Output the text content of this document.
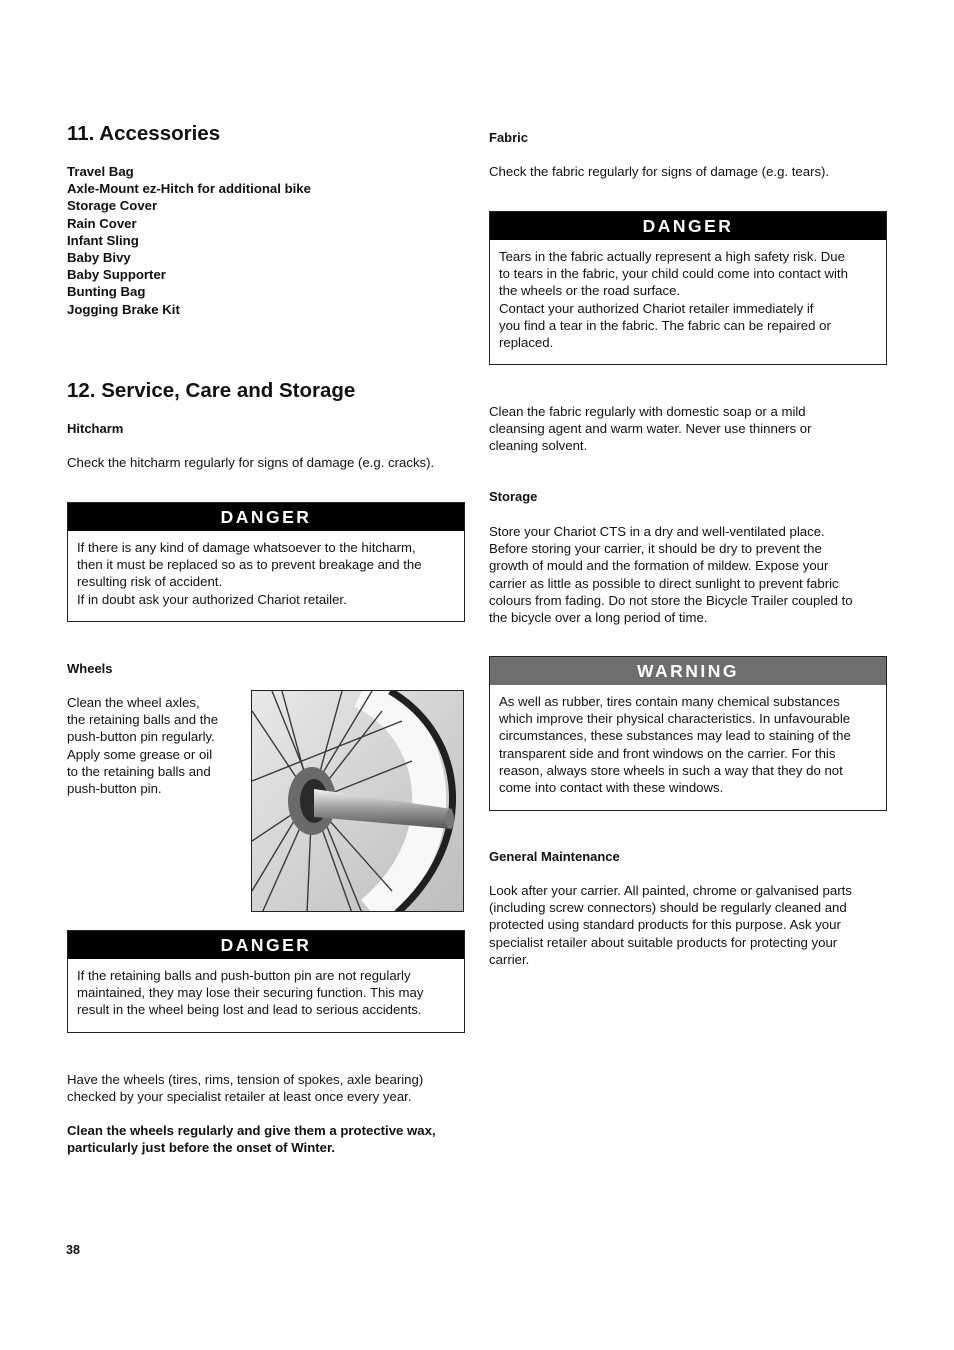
11. Accessories
Travel Bag
Axle-Mount ez-Hitch for additional bike
Storage Cover
Rain Cover
Infant Sling
Baby Bivy
Baby Supporter
Bunting Bag
Jogging Brake Kit
12. Service, Care and Storage
Hitcharm
Check the hitcharm regularly for signs of damage (e.g. cracks).
DANGER
If there is any kind of damage whatsoever to the hitcharm,
then it must be replaced so as to prevent breakage and the
resulting risk of accident.
If in doubt ask your authorized Chariot retailer.
Wheels
Clean the wheel axles,
the retaining balls and the
push-button pin regularly.
Apply some grease or oil
to the retaining balls and
push-button pin.
DANGER
If the retaining balls and push-button pin are not regularly
maintained, they may lose their securing function. This may
result in the wheel being lost and lead to serious accidents.
Have the wheels (tires, rims, tension of spokes, axle bearing)
checked by your specialist retailer at least once every year.
Clean the wheels regularly and give them a protective wax,
particularly just before the onset of Winter.
Fabric
Check the fabric regularly for signs of damage (e.g. tears).
DANGER
Tears in the fabric actually represent a high safety risk. Due
to tears in the fabric, your child could come into contact with
the wheels or the road surface.
Contact your authorized Chariot retailer immediately if
you find a tear in the fabric. The fabric can be repaired or
replaced.
Clean the fabric regularly with domestic soap or a mild
cleansing agent and warm water. Never use thinners or
cleaning solvent.
Storage
Store your Chariot CTS in a dry and well-ventilated place.
Before storing your carrier, it should be dry to prevent the
growth of mould and the formation of mildew. Expose your
carrier as little as possible to direct sunlight to prevent fabric
colours from fading. Do not store the Bicycle Trailer coupled to
the bicycle over a long period of time.
WARNING
As well as rubber, tires contain many chemical substances
which improve their physical characteristics. In unfavourable
circumstances, these substances may lead to staining of the
transparent side and front windows on the carrier. For this
reason, always store wheels in such a way that they do not
come into contact with these windows.
General Maintenance
Look after your carrier. All painted, chrome or galvanised parts
(including screw connectors) should be regularly cleaned and
protected using standard products for this purpose. Ask your
specialist retailer about suitable products for protecting your
carrier.
38
